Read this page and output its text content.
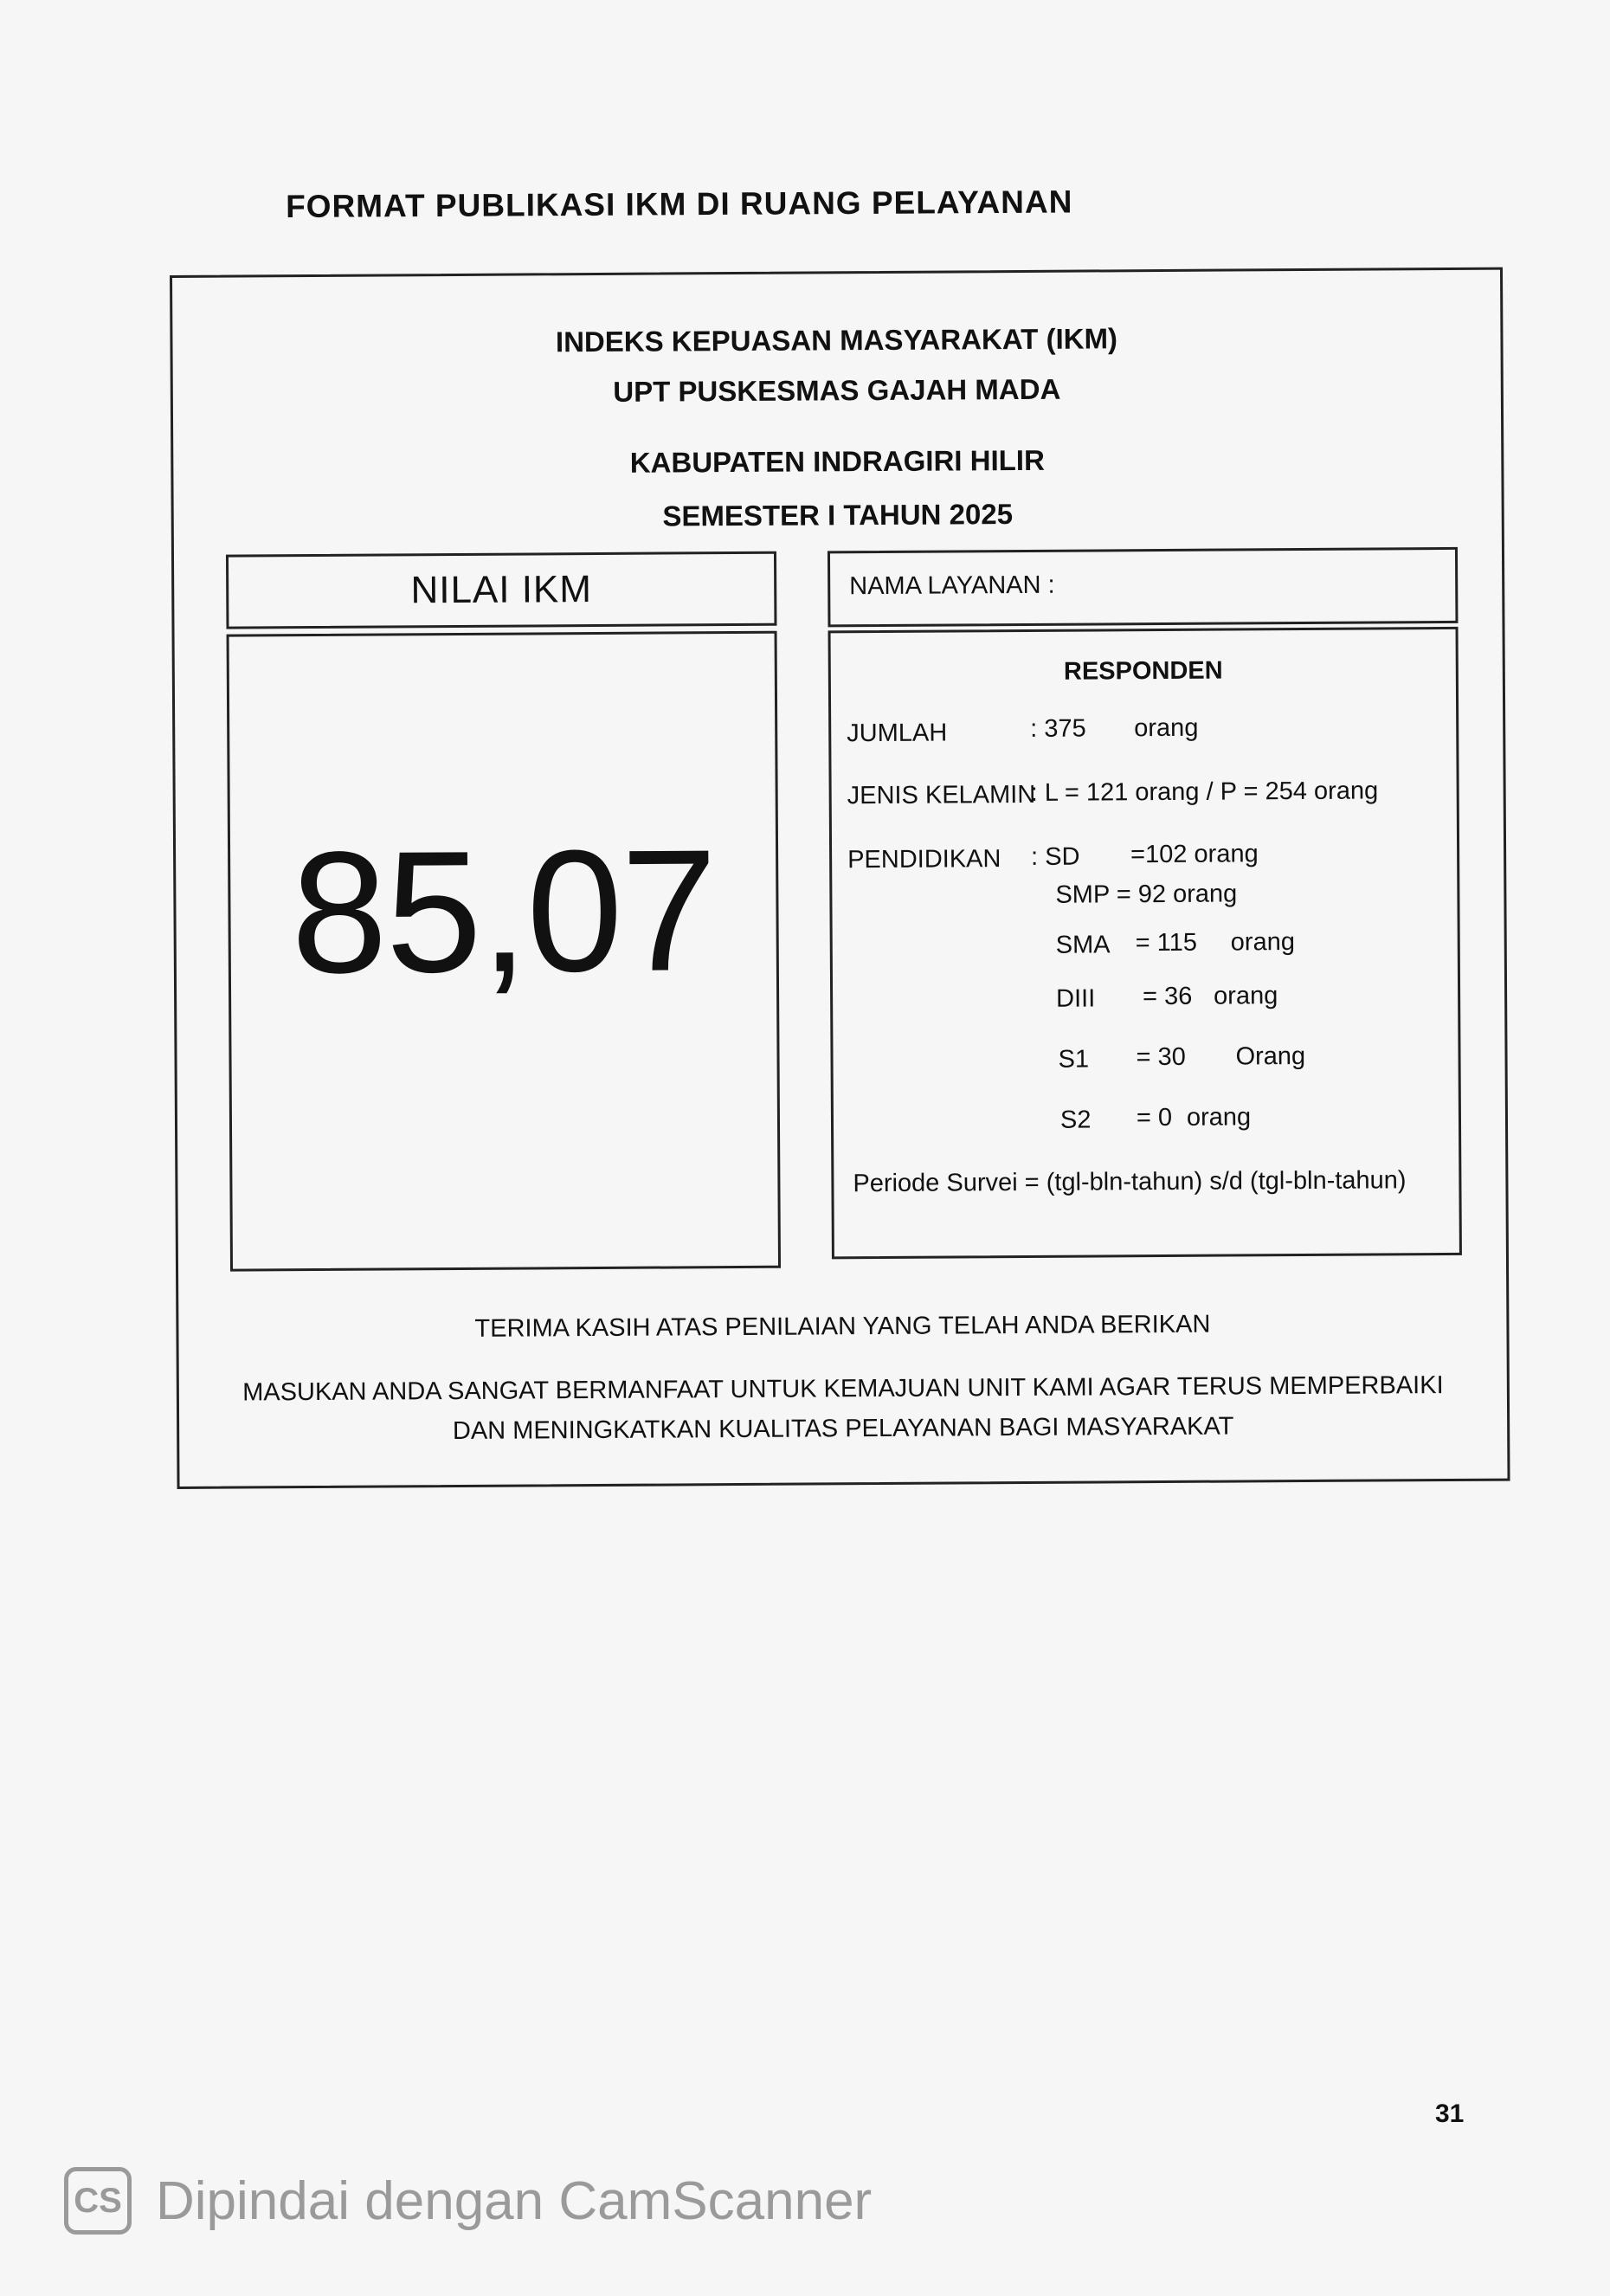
FORMAT PUBLIKASI IKM DI RUANG PELAYANAN
INDEKS KEPUASAN MASYARAKAT (IKM)
UPT PUSKESMAS GAJAH MADA
KABUPATEN INDRAGIRI HILIR
SEMESTER I TAHUN 2025
NILAI IKM
85,07
NAMA LAYANAN :
RESPONDEN
JUMLAH	: 375 orang
JENIS KELAMIN
: L = 121 orang / P = 254 orang
PENDIDIKAN : SD =102 orang
SMP = 92 orang
SMA = 115 orang
DIII = 36 orang
S1 = 30 Orang
S2 = 0 orang
Periode Survei = (tgl-bln-tahun) s/d (tgl-bln-tahun)
TERIMA KASIH ATAS PENILAIAN YANG TELAH ANDA BERIKAN
MASUKAN ANDA SANGAT BERMANFAAT UNTUK KEMAJUAN UNIT KAMI AGAR TERUS MEMPERBAIKI
DAN MENINGKATKAN KUALITAS PELAYANAN BAGI MASYARAKAT
31
CS Dipindai dengan CamScanner
